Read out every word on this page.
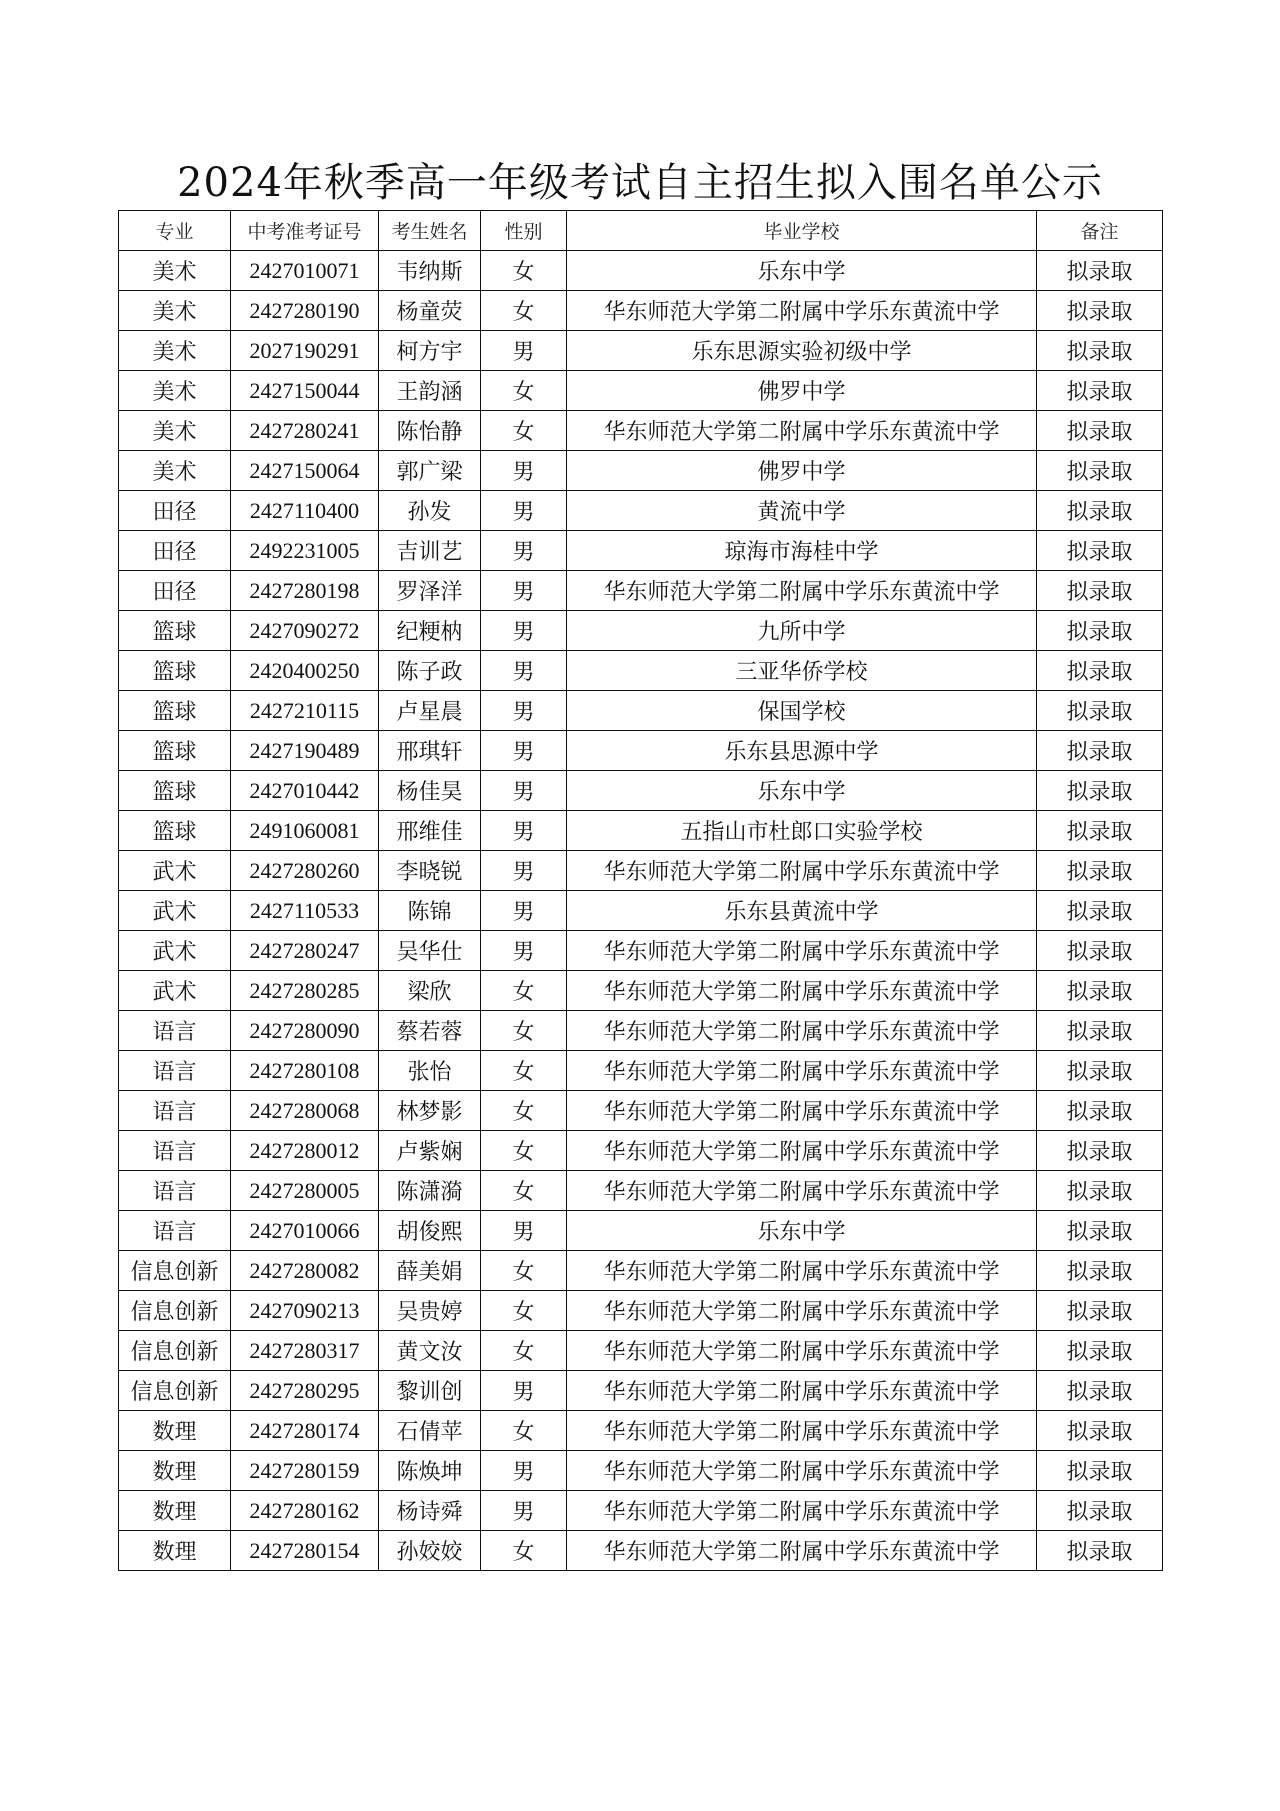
2024年秋季高一年级考试自主招生拟入围名单公示
专业	中考准考证号	考生姓名	性别	毕业学校	备注
美术	2427010071	韦纳斯	女	乐东中学	拟录取
美术	2427280190	杨童荧	女	华东师范大学第二附属中学乐东黄流中学	拟录取
美术	2027190291	柯方宇	男	乐东思源实验初级中学	拟录取
美术	2427150044	王韵涵	女	佛罗中学	拟录取
美术	2427280241	陈怡静	女	华东师范大学第二附属中学乐东黄流中学	拟录取
美术	2427150064	郭广梁	男	佛罗中学	拟录取
田径	2427110400	孙发	男	黄流中学	拟录取
田径	2492231005	吉训艺	男	琼海市海桂中学	拟录取
田径	2427280198	罗泽洋	男	华东师范大学第二附属中学乐东黄流中学	拟录取
篮球	2427090272	纪粳枘	男	九所中学	拟录取
篮球	2420400250	陈子政	男	三亚华侨学校	拟录取
篮球	2427210115	卢星晨	男	保国学校	拟录取
篮球	2427190489	邢琪轩	男	乐东县思源中学	拟录取
篮球	2427010442	杨佳昊	男	乐东中学	拟录取
篮球	2491060081	邢维佳	男	五指山市杜郎口实验学校	拟录取
武术	2427280260	李晓锐	男	华东师范大学第二附属中学乐东黄流中学	拟录取
武术	2427110533	陈锦	男	乐东县黄流中学	拟录取
武术	2427280247	吴华仕	男	华东师范大学第二附属中学乐东黄流中学	拟录取
武术	2427280285	梁欣	女	华东师范大学第二附属中学乐东黄流中学	拟录取
语言	2427280090	蔡若蓉	女	华东师范大学第二附属中学乐东黄流中学	拟录取
语言	2427280108	张怡	女	华东师范大学第二附属中学乐东黄流中学	拟录取
语言	2427280068	林梦影	女	华东师范大学第二附属中学乐东黄流中学	拟录取
语言	2427280012	卢紫娴	女	华东师范大学第二附属中学乐东黄流中学	拟录取
语言	2427280005	陈潇漪	女	华东师范大学第二附属中学乐东黄流中学	拟录取
语言	2427010066	胡俊熙	男	乐东中学	拟录取
信息创新	2427280082	薛美娟	女	华东师范大学第二附属中学乐东黄流中学	拟录取
信息创新	2427090213	吴贵婷	女	华东师范大学第二附属中学乐东黄流中学	拟录取
信息创新	2427280317	黄文汝	女	华东师范大学第二附属中学乐东黄流中学	拟录取
信息创新	2427280295	黎训创	男	华东师范大学第二附属中学乐东黄流中学	拟录取
数理	2427280174	石倩苹	女	华东师范大学第二附属中学乐东黄流中学	拟录取
数理	2427280159	陈焕坤	男	华东师范大学第二附属中学乐东黄流中学	拟录取
数理	2427280162	杨诗舜	男	华东师范大学第二附属中学乐东黄流中学	拟录取
数理	2427280154	孙姣姣	女	华东师范大学第二附属中学乐东黄流中学	拟录取
